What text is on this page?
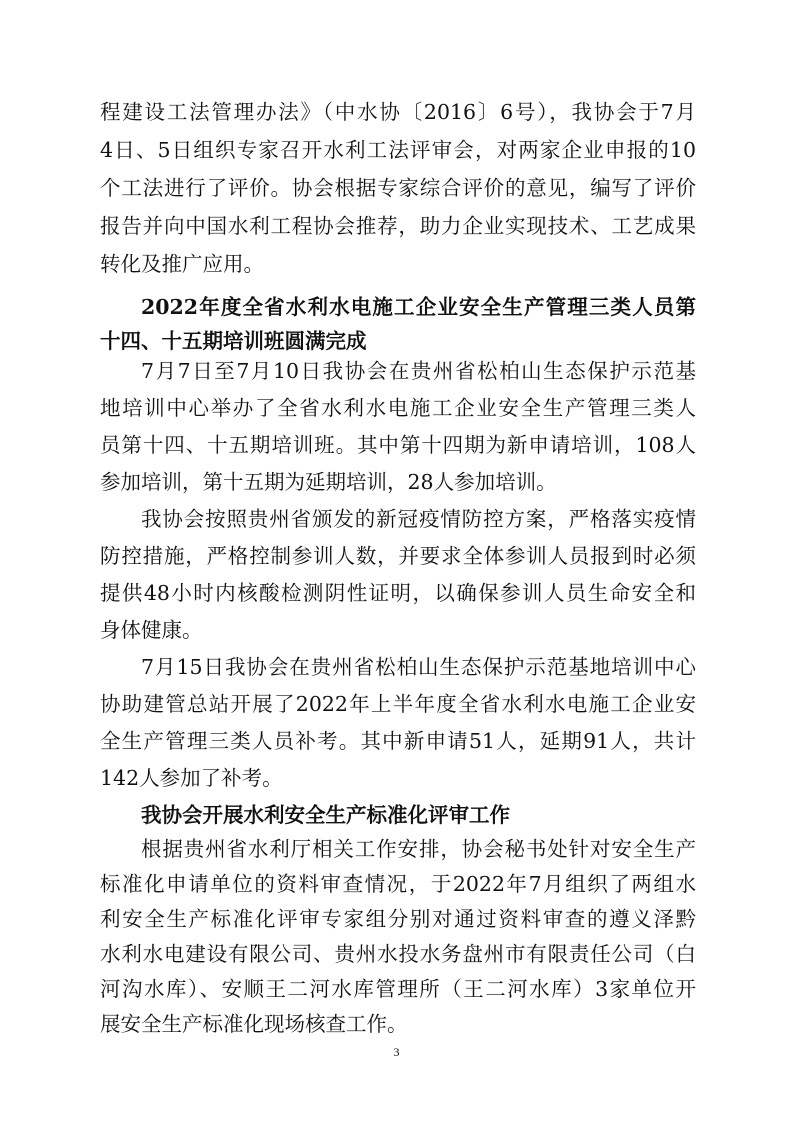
程建设工法管理办法》（中水协〔2016〕6号），我协会于7月
4日、5日组织专家召开水利工法评审会，对两家企业申报的10
个工法进行了评价。协会根据专家综合评价的意见，编写了评价
报告并向中国水利工程协会推荐，助力企业实现技术、工艺成果
转化及推广应用。
2022年度全省水利水电施工企业安全生产管理三类人员第
十四、十五期培训班圆满完成
7月7日至7月10日我协会在贵州省松柏山生态保护示范基
地培训中心举办了全省水利水电施工企业安全生产管理三类人
员第十四、十五期培训班。其中第十四期为新申请培训，108人
参加培训，第十五期为延期培训，28人参加培训。
我协会按照贵州省颁发的新冠疫情防控方案，严格落实疫情
防控措施，严格控制参训人数，并要求全体参训人员报到时必须
提供48小时内核酸检测阴性证明，以确保参训人员生命安全和
身体健康。
7月15日我协会在贵州省松柏山生态保护示范基地培训中心
协助建管总站开展了2022年上半年度全省水利水电施工企业安
全生产管理三类人员补考。其中新申请51人，延期91人，共计
142人参加了补考。
我协会开展水利安全生产标准化评审工作
根据贵州省水利厅相关工作安排，协会秘书处针对安全生产
标准化申请单位的资料审查情况，于2022年7月组织了两组水
利安全生产标准化评审专家组分别对通过资料审查的遵义泽黔
水利水电建设有限公司、贵州水投水务盘州市有限责任公司（白
河沟水库）、安顺王二河水库管理所（王二河水库）3家单位开
展安全生产标准化现场核查工作。
3
